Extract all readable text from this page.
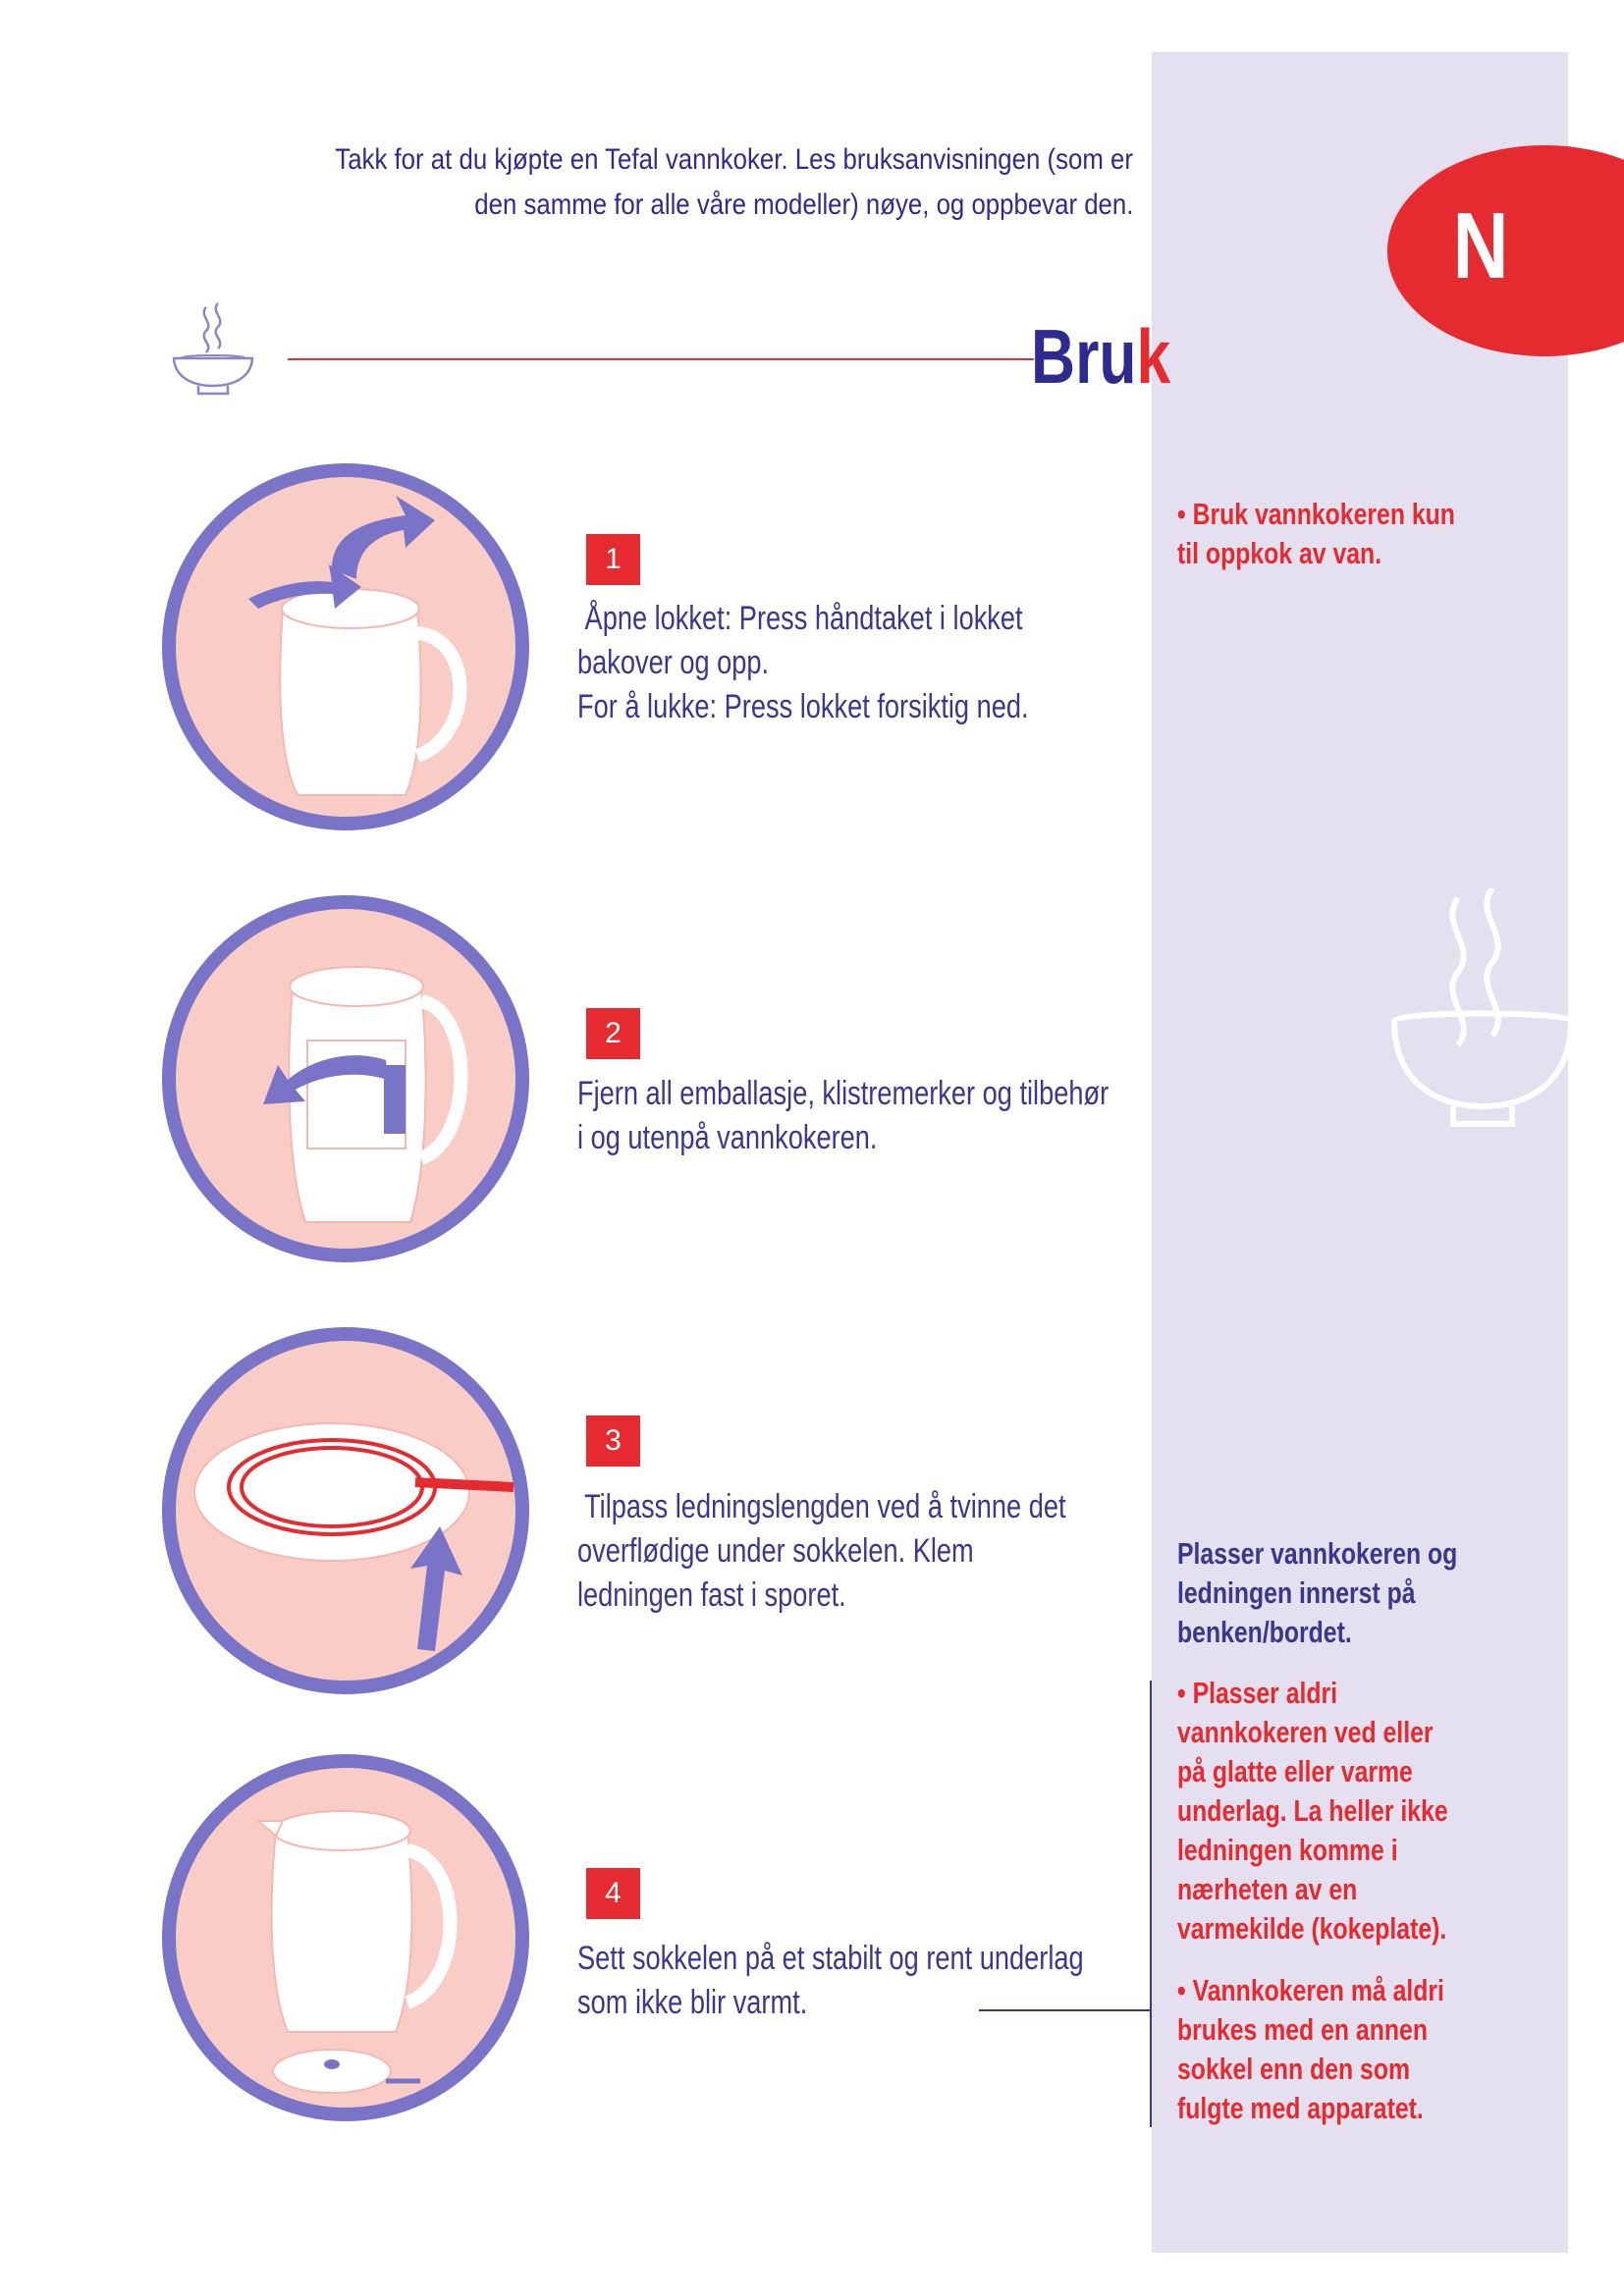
N
Takk for at du kjøpte en Tefal vannkoker. Les bruksanvisningen (som er
den samme for alle våre modeller) nøye, og oppbevar den.
Bruk
1
2
3
4
Åpne lokket: Press håndtaket i lokket
bakover og opp.
For å lukke: Press lokket forsiktig ned.
Fjern all emballasje, klistremerker og tilbehør
i og utenpå vannkokeren.
Tilpass ledningslengden ved å tvinne det
overflødige under sokkelen. Klem
ledningen fast i sporet.
Sett sokkelen på et stabilt og rent underlag
som ikke blir varmt.
• Bruk vannkokeren kun
til oppkok av van.
Plasser vannkokeren og
ledningen innerst på
benken/bordet.
• Plasser aldri
vannkokeren ved eller
på glatte eller varme
underlag. La heller ikke
ledningen komme i
nærheten av en
varmekilde (kokeplate).
• Vannkokeren må aldri
brukes med en annen
sokkel enn den som
fulgte med apparatet.
